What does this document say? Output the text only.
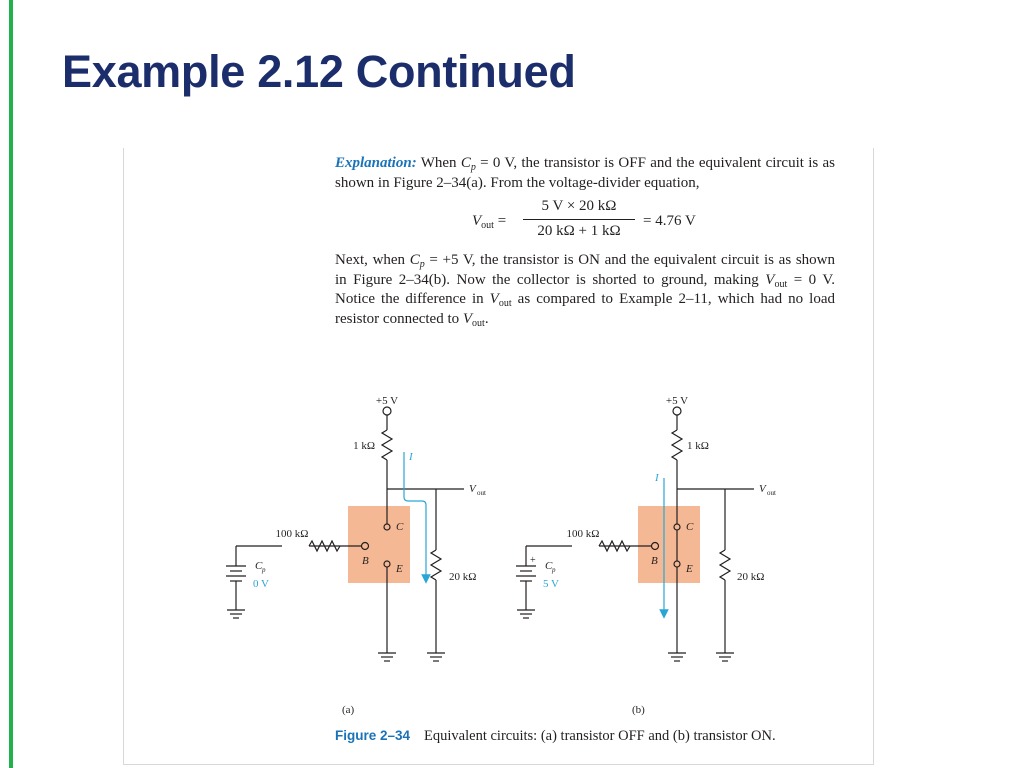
Example 2.12 Continued

Explanation: When $C_p = 0$ V, the transistor is OFF and the equivalent circuit is as shown in Figure 2–34(a). From the voltage-divider equation,

$V_{out} = \frac{5 V \times 20 k\Omega}{20 k\Omega + 1 k\Omega} = 4.76$ V

Next, when $C_p = +5$ V, the transistor is ON and the equivalent circuit is as shown in Figure 2–34(b). Now the collector is shorted to ground, making $V_{out} = 0$ V. Notice the difference in $V_{out}$ as compared to Example 2–11, which had no load resistor connected to $V_{out}$.

+5 V
1 kΩ
I
V out
100 kΩ
20 kΩ
C p
0 V
C
B
E
(a)
+5 V
1 kΩ
I
V out
100 kΩ
20 kΩ
+ C p
5 V
C
B
E
(b)
Figure 2–34 Equivalent circuits: (a) transistor OFF and (b) transistor ON.
